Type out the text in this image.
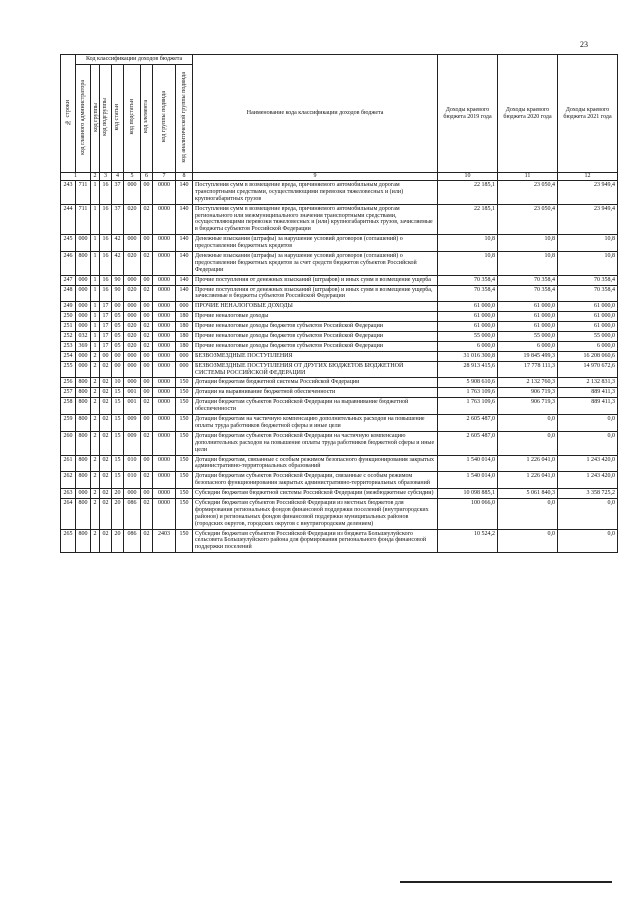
23
№ строки	Код классификации доходов бюджета								Наименование кода классификации доходов бюджета	Доходы краевого бюджета 2019 года	Доходы краевого бюджета 2020 года	Доходы краевого бюджета 2021 года
	код главного администратора	код группы	код подгруппы	код статьи	код подстатьи	код элемента	код группы подвида	код аналитической группы подвида				
1		2	3	4	5	6	7	8	9	10	11	12
243	711	1	16	37	000	00	0000	140	Поступления сумм в возмещение вреда, причиняемого автомобильным дорогам транспортными средствами, осуществляющими перевозки тяжеловесных и (или) крупногабаритных грузов	22 185,1	23 050,4	23 949,4
244	711	1	16	37	020	02	0000	140	Поступления сумм в возмещение вреда, причиняемого автомобильным дорогам регионального или межмуниципального значения транспортными средствами, осуществляющими перевозки тяжеловесных и (или) крупногабаритных грузов, зачисляемые в бюджеты субъектов Российской Федерации	22 185,1	23 050,4	23 949,4
245	000	1	16	42	000	00	0000	140	Денежные взыскания (штрафы) за нарушение условий договоров (соглашений) о предоставлении бюджетных кредитов	10,8	10,8	10,8
246	800	1	16	42	020	02	0000	140	Денежные взыскания (штрафы) за нарушение условий договоров (соглашений) о предоставлении бюджетных кредитов за счет средств бюджетов субъектов Российской Федерации	10,8	10,8	10,8
247	000	1	16	90	000	00	0000	140	Прочие поступления от денежных взысканий (штрафов) и иных сумм в возмещение ущерба	70 358,4	70 358,4	70 358,4
248	000	1	16	90	020	02	0000	140	Прочие поступления от денежных взысканий (штрафов) и иных сумм в возмещение ущерба, зачисляемые в бюджеты субъектов Российской Федерации	70 358,4	70 358,4	70 358,4
249	000	1	17	00	000	00	0000	000	ПРОЧИЕ НЕНАЛОГОВЫЕ ДОХОДЫ	61 000,0	61 000,0	61 000,0
250	000	1	17	05	000	00	0000	180	Прочие неналоговые доходы	61 000,0	61 000,0	61 000,0
251	000	1	17	05	020	02	0000	180	Прочие неналоговые доходы бюджетов субъектов Российской Федерации	61 000,0	61 000,0	61 000,0
252	032	1	17	05	020	02	0000	180	Прочие неналоговые доходы бюджетов субъектов Российской Федерации	55 000,0	55 000,0	55 000,0
253	369	1	17	05	020	02	0000	180	Прочие неналоговые доходы бюджетов субъектов Российской Федерации	6 000,0	6 000,0	6 000,0
254	000	2	00	00	000	00	0000	000	БЕЗВОЗМЕЗДНЫЕ ПОСТУПЛЕНИЯ	31 016 300,8	19 845 499,3	16 208 060,6
255	000	2	02	00	000	00	0000	000	БЕЗВОЗМЕЗДНЫЕ ПОСТУПЛЕНИЯ ОТ ДРУГИХ БЮДЖЕТОВ БЮДЖЕТНОЙ СИСТЕМЫ РОССИЙСКОЙ ФЕДЕРАЦИИ	28 913 415,6	17 778 111,3	14 970 672,6
256	800	2	02	10	000	00	0000	150	Дотации бюджетам бюджетной системы Российской Федерации	5 908 610,6	2 132 760,3	2 132 831,3
257	800	2	02	15	001	00	0000	150	Дотации на выравнивание бюджетной обеспеченности	1 763 109,6	906 719,3	889 411,3
258	800	2	02	15	001	02	0000	150	Дотации бюджетам субъектов Российской Федерации на выравнивание бюджетной обеспеченности	1 763 109,6	906 719,3	889 411,3
259	800	2	02	15	009	00	0000	150	Дотации бюджетам на частичную компенсацию дополнительных расходов на повышение оплаты труда работников бюджетной сферы и иные цели	2 605 487,0	0,0	0,0
260	800	2	02	15	009	02	0000	150	Дотации бюджетам субъектов Российской Федерации на частичную компенсацию дополнительных расходов на повышение оплаты труда работников бюджетной сферы и иные цели	2 605 487,0	0,0	0,0
261	800	2	02	15	010	00	0000	150	Дотации бюджетам, связанные с особым режимом безопасного функционирования закрытых административно-территориальных образований	1 540 014,0	1 226 041,0	1 243 420,0
262	800	2	02	15	010	02	0000	150	Дотации бюджетам субъектов Российской Федерации, связанные с особым режимом безопасного функционирования закрытых административно-территориальных образований	1 540 014,0	1 226 041,0	1 243 420,0
263	000	2	02	20	000	00	0000	150	Субсидии бюджетам бюджетной системы Российской Федерации (межбюджетные субсидии)	10 098 885,1	5 061 840,3	3 358 725,2
264	800	2	02	20	086	02	0000	150	Субсидии бюджетам субъектов Российской Федерации из местных бюджетов для формирования региональных фондов финансовой поддержки поселений (внутригородских районов) и региональных фондов финансовой поддержки муниципальных районов (городских округов, городских округов с внутригородским делением)	100 066,0	0,0	0,0
265	800	2	02	20	086	02	2403	150	Субсидии бюджетам субъектов Российской Федерации из бюджета Большеулуйского сельсовета Большеулуйского района для формирования регионального фонда финансовой поддержки поселений	10 524,2	0,0	0,0
